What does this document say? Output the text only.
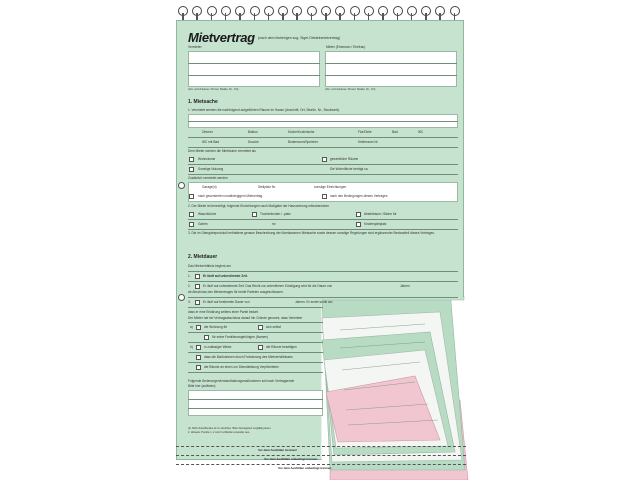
Mietvertrag (nach dem bisherigen sog. Sigel-Ortsteinmietvertrag)
Vermieter	Mieter (Ehemann / Ehefrau)
(Vor- und Zuname / Firma / Straße, Nr., Ort)	(Vor- und Zuname / Firma / Straße, Nr., Ort)
1. Mietsache
1. Vermietet werden die nachfolgend aufgeführten Räume im Hause (Anschrift, Ort, Straße, Nr., Stockwerk)
Zimmer	Balkon	Küche/Kochnische	Flur/Diele	Bad	WC
WC mit Bad	Dusche	Bodenraum/Speicher	Kellerraum Nr.
Dem Mieter werden die Mieträume vermietet als
Wohnräume	gewerbliche Räume
Sonstige Nutzung	Die Wohnfläche beträgt ca.
Zusätzlich vermietet werden
Garage(n)	Stellplatz Nr.	sonstige Einrichtungen
nach gesonderten unabhängigem Mietvertrag	nach den Bedingungen dieses Vertrages
2. Der Mieter ist berechtigt, folgende Einrichtungen nach Maßgabe der Hausordnung mitzubenutzen
Waschküche	Trockenboden / -platz	Abstellraum / fläche für
Garten	m²	Kinderspielplatz
3. Die im Übergabeprotokoll enthaltene genaue Beschreibung der überlassenen Mietsache sowie dessen sonstige Regelungen sind ergänzender Bestandteil dieses Vertrages.
2. Mietdauer
Das Mietverhältnis beginnt am
1.	Er läuft auf unbestimmte Zeit.
2.	Er läuft auf unbestimmte Zeit. Das Recht zur ordentlichen Kündigung wird für die Dauer von	Jahren
ab Abschluss des Mietvertrages für beide Parteien ausgeschlossen.
3.	Er läuft auf bestimmte Dauer von	Jahren. Er endet somit am
dass er eine Erklärung seitens einer Partei bedarf.
Der Mieter hat bei Vertragsabschluss darauf hin Gründe genannt, dass Vermieter
a)	die Wohnung für	sich selbst
für seine Familienangehörigen (Namen)
b)	in zulässiger Weise	die Räume beseitigen
dass die Maßnahmen durch Fortsetzung des Mietverhältnisses
die Räume an einen zur Dienstleistung Verpflichteten
Folgende Änderungen/Instandhaltungsmaßnahmen soll nach Vertragsende
Bitte hier (auflisten)
(1) Nicht Zutreffendes ist zu streichen. Bitte Vertragstext sorgfältig lesen.
2. Hinweis: Punkte 1, 2 und 3 schließen einander aus.
Vor dem Ausfüllen trennen!
Vor dem Ausfüllen unbedingt trennen
Vor dem Ausfüllen unbedingt trennen
